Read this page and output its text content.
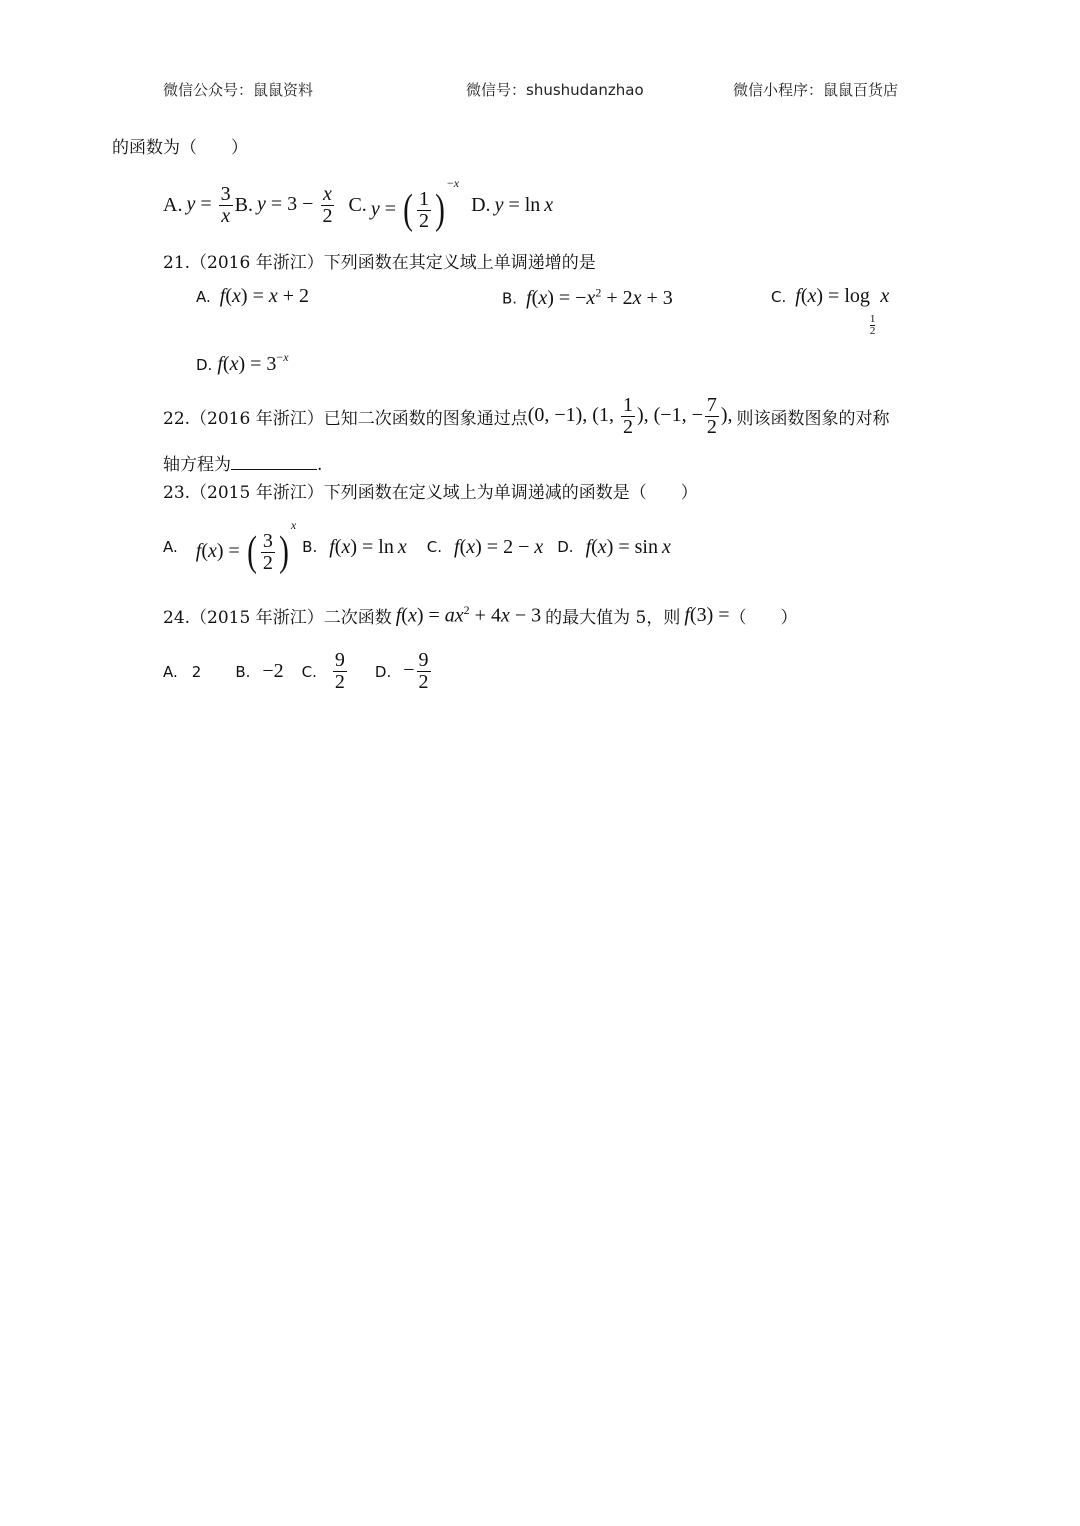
微信公众号：鼠鼠资料	微信号：shushudanzhao	微信小程序：鼠鼠百货店
的函数为（　　）
A.
  $y = \frac{3}{x} B$.
  $y = 3 - \frac{x}{2} C$.
  y = ( $\frac{1}{2} )^{-x}$
D.
  y = ln x
21.（2016 年浙江）下列函数在其定义域上单调递增的是
A.   f(x) = x + 2	B.   $f(x) = -x^2 + 2x + 3$	C.   f(x) = log
$\frac{1}{2}$
x
D. $f(x) = 3^{-x}$
22.（2016 年浙江）已知二次函数的图象通过点 (0, −1), (1, $\frac{1}{2}$ ), (−1, − $\frac{7}{2}$ ), 则该函数图象的对称
轴方程为	.
23.（2015 年浙江）下列函数在定义域上为单调递减的函数是（　　）
A. f(x) = ( $\frac{3}{2} )^x$
B. f(x) = ln x C. f(x) = 2 − x D. f(x) = sin x
24.（2015 年浙江）二次函数 $f(x) = ax^2 + 4x - 3$ 的最大值为 5，则 f(3) = （　　）
A. 2 B. −2 C. $\frac{9}{2} D$. − $\frac{9}{2}$
